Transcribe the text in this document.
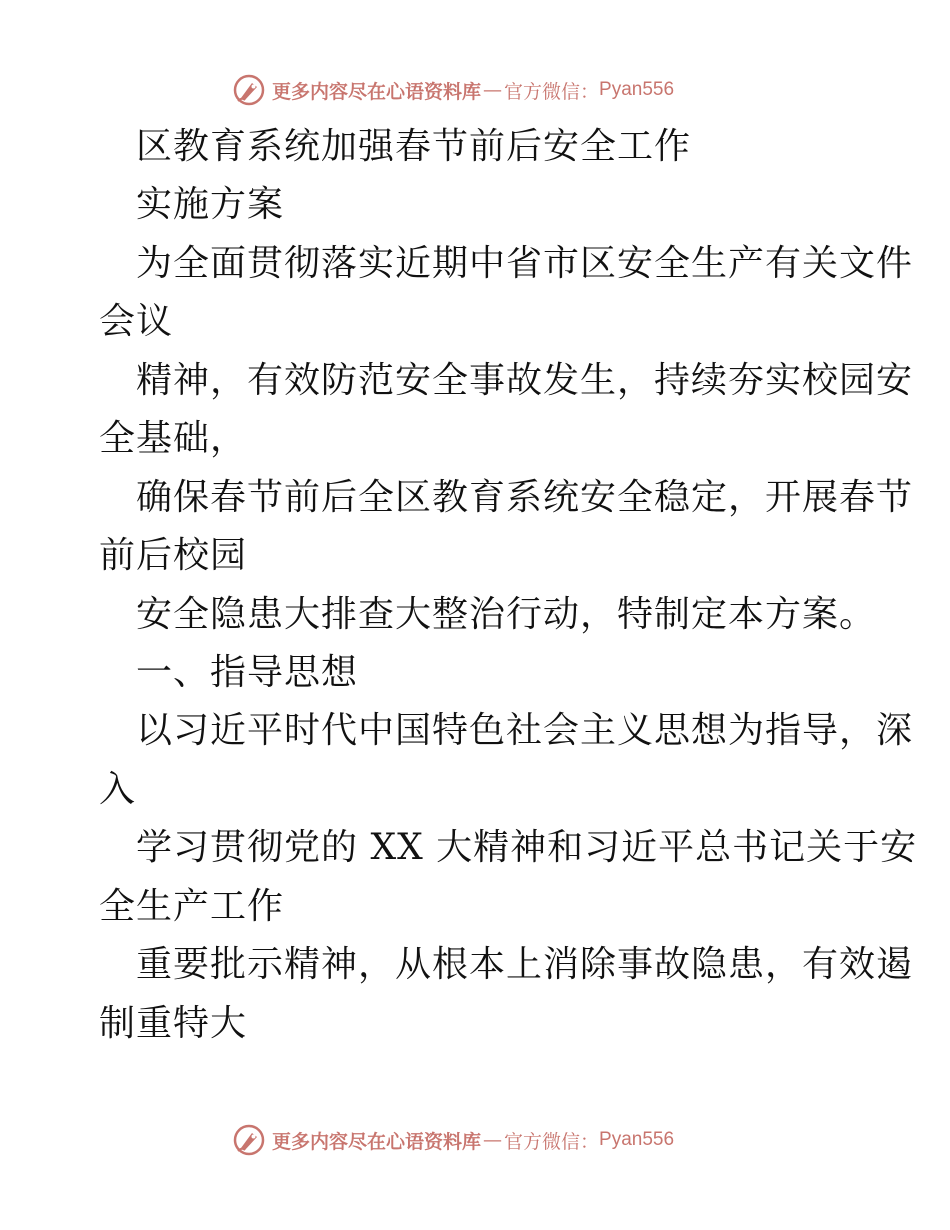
更多内容尽在心语资料库 — 官方微信： Pyan556
区教育系统加强春节前后安全工作
实施方案
为全面贯彻落实近期中省市区安全生产有关文件
会议
精神，有效防范安全事故发生，持续夯实校园安
全基础，
确保春节前后全区教育系统安全稳定，开展春节
前后校园
安全隐患大排查大整治行动，特制定本方案。
一、指导思想
以习近平时代中国特色社会主义思想为指导，深
入
学习贯彻党的 XX 大精神和习近平总书记关于安
全生产工作
重要批示精神，从根本上消除事故隐患，有效遏
制重特大
更多内容尽在心语资料库 — 官方微信： Pyan556
